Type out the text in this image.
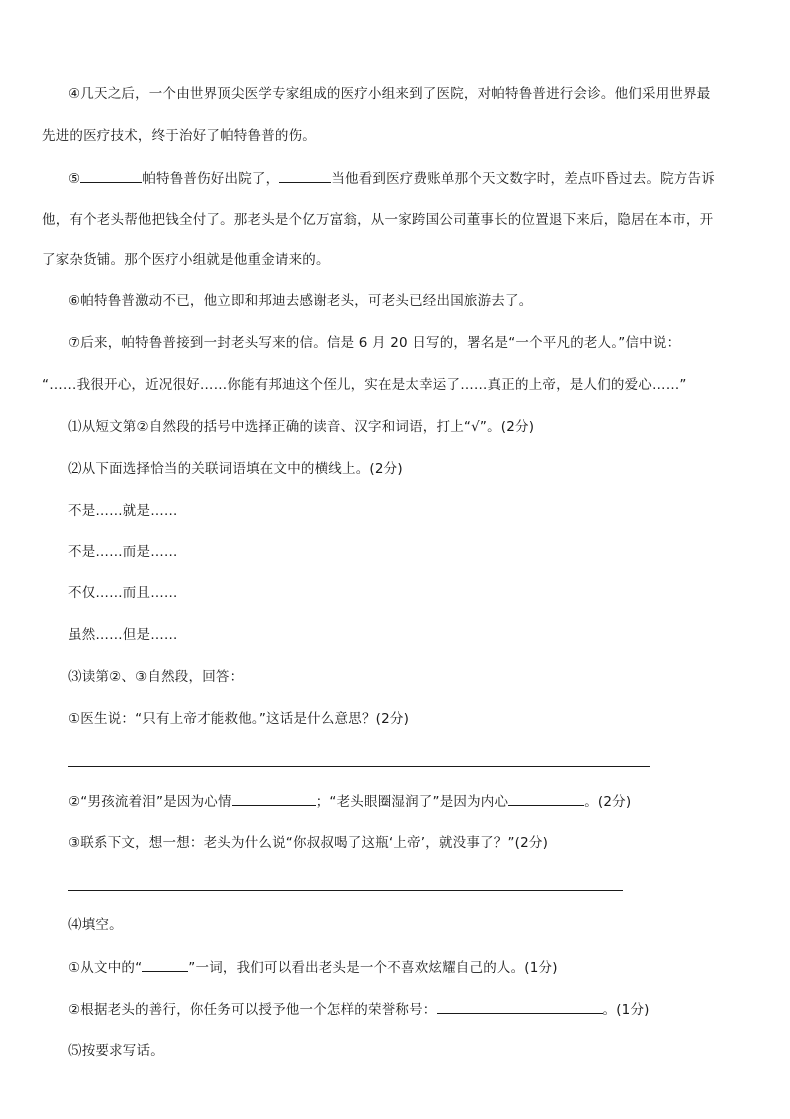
④几天之后，一个由世界顶尖医学专家组成的医疗小组来到了医院，对帕特鲁普进行会诊。他们采用世界最
先进的医疗技术，终于治好了帕特鲁普的伤。
⑤	帕特鲁普伤好出院了，	当他看到医疗费账单那个天文数字时，差点吓昏过去。院方告诉
他，有个老头帮他把钱全付了。那老头是个亿万富翁，从一家跨国公司董事长的位置退下来后，隐居在本市，开
了家杂货铺。那个医疗小组就是他重金请来的。
⑥帕特鲁普激动不已，他立即和邦迪去感谢老头，可老头已经出国旅游去了。
⑦后来，帕特鲁普接到一封老头写来的信。信是 6 月 20 日写的，署名是“一个平凡的老人。”信中说：
“……我很开心，近况很好……你能有邦迪这个侄儿，实在是太幸运了……真正的上帝，是人们的爱心……”
⑴从短文第②自然段的括号中选择正确的读音、汉字和词语，打上“√”。(2分)
⑵从下面选择恰当的关联词语填在文中的横线上。(2分)
不是……就是……
不是……而是……
不仅……而且……
虽然……但是……
⑶读第②、③自然段，回答：
①医生说：“只有上帝才能救他。”这话是什么意思？(2分)
②“男孩流着泪”是因为心情	；“老头眼圈湿润了”是因为内心	。(2分)
③联系下文，想一想：老头为什么说“你叔叔喝了这瓶‘上帝’，就没事了？”(2分)
⑷填空。
①从文中的“	”一词，我们可以看出老头是一个不喜欢炫耀自己的人。(1分)
②根据老头的善行，你任务可以授予他一个怎样的荣誉称号：	。(1分)
⑸按要求写话。
